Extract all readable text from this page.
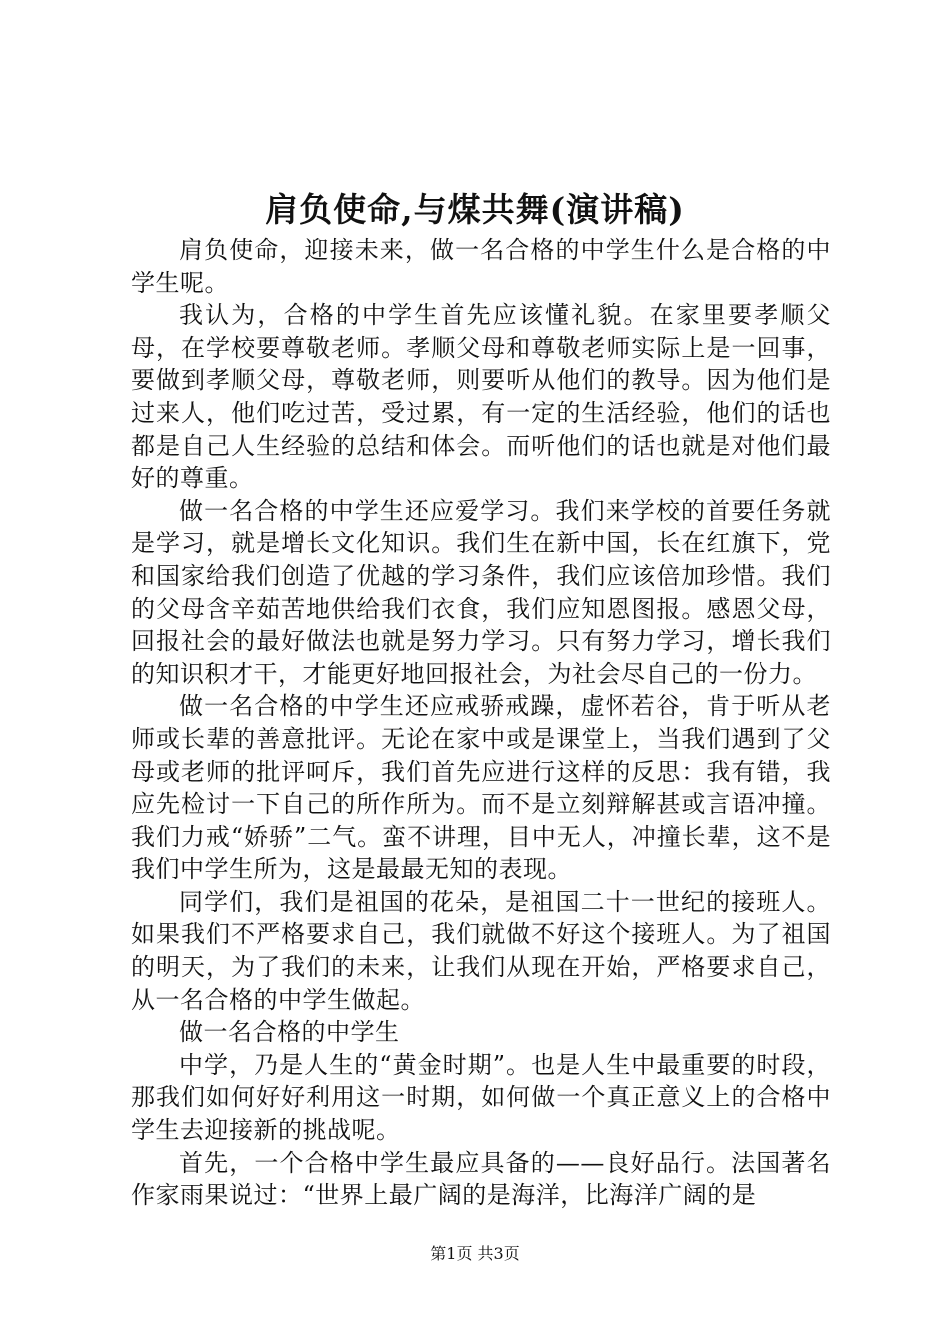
肩负使命,与煤共舞(演讲稿)

肩负使命，迎接未来，做一名合格的中学生什么是合格的中学生呢。

我认为，合格的中学生首先应该懂礼貌。在家里要孝顺父母，在学校要尊敬老师。孝顺父母和尊敬老师实际上是一回事，要做到孝顺父母，尊敬老师，则要听从他们的教导。因为他们是过来人，他们吃过苦，受过累，有一定的生活经验，他们的话也都是自己人生经验的总结和体会。而听他们的话也就是对他们最好的尊重。

做一名合格的中学生还应爱学习。我们来学校的首要任务就是学习，就是增长文化知识。我们生在新中国，长在红旗下，党和国家给我们创造了优越的学习条件，我们应该倍加珍惜。我们的父母含辛茹苦地供给我们衣食，我们应知恩图报。感恩父母，回报社会的最好做法也就是努力学习。只有努力学习，增长我们的知识积才干，才能更好地回报社会，为社会尽自己的一份力。

做一名合格的中学生还应戒骄戒躁，虚怀若谷，肯于听从老师或长辈的善意批评。无论在家中或是课堂上，当我们遇到了父母或老师的批评呵斥，我们首先应进行这样的反思：我有错，我应先检讨一下自己的所作所为。而不是立刻辩解甚或言语冲撞。我们力戒“娇骄”二气。蛮不讲理，目中无人，冲撞长辈，这不是我们中学生所为，这是最最无知的表现。

同学们，我们是祖国的花朵，是祖国二十一世纪的接班人。如果我们不严格要求自己，我们就做不好这个接班人。为了祖国的明天，为了我们的未来，让我们从现在开始，严格要求自己，从一名合格的中学生做起。

做一名合格的中学生

中学，乃是人生的“黄金时期”。也是人生中最重要的时段，那我们如何好好利用这一时期，如何做一个真正意义上的合格中学生去迎接新的挑战呢。

首先，一个合格中学生最应具备的——良好品行。法国著名作家雨果说过：“世界上最广阔的是海洋，比海洋广阔的是

第1页 共3页
